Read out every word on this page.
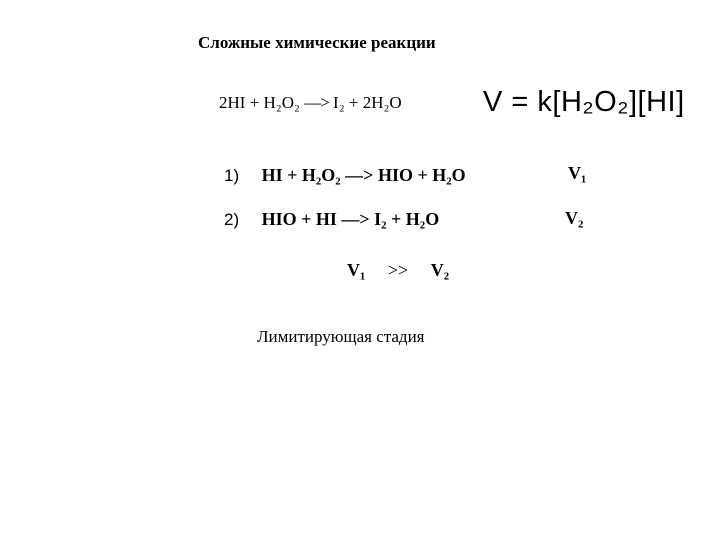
Сложные химические реакции
2HI + H₂O₂ —> I₂ + 2H₂O	V = k[H₂O₂][HI]
1) HI + H₂O₂ —> HIO + H₂O	V₁
2) HIO + HI —> I₂ + H₂O	V₂
V₁ >> V₂
Лимитирующая стадия
